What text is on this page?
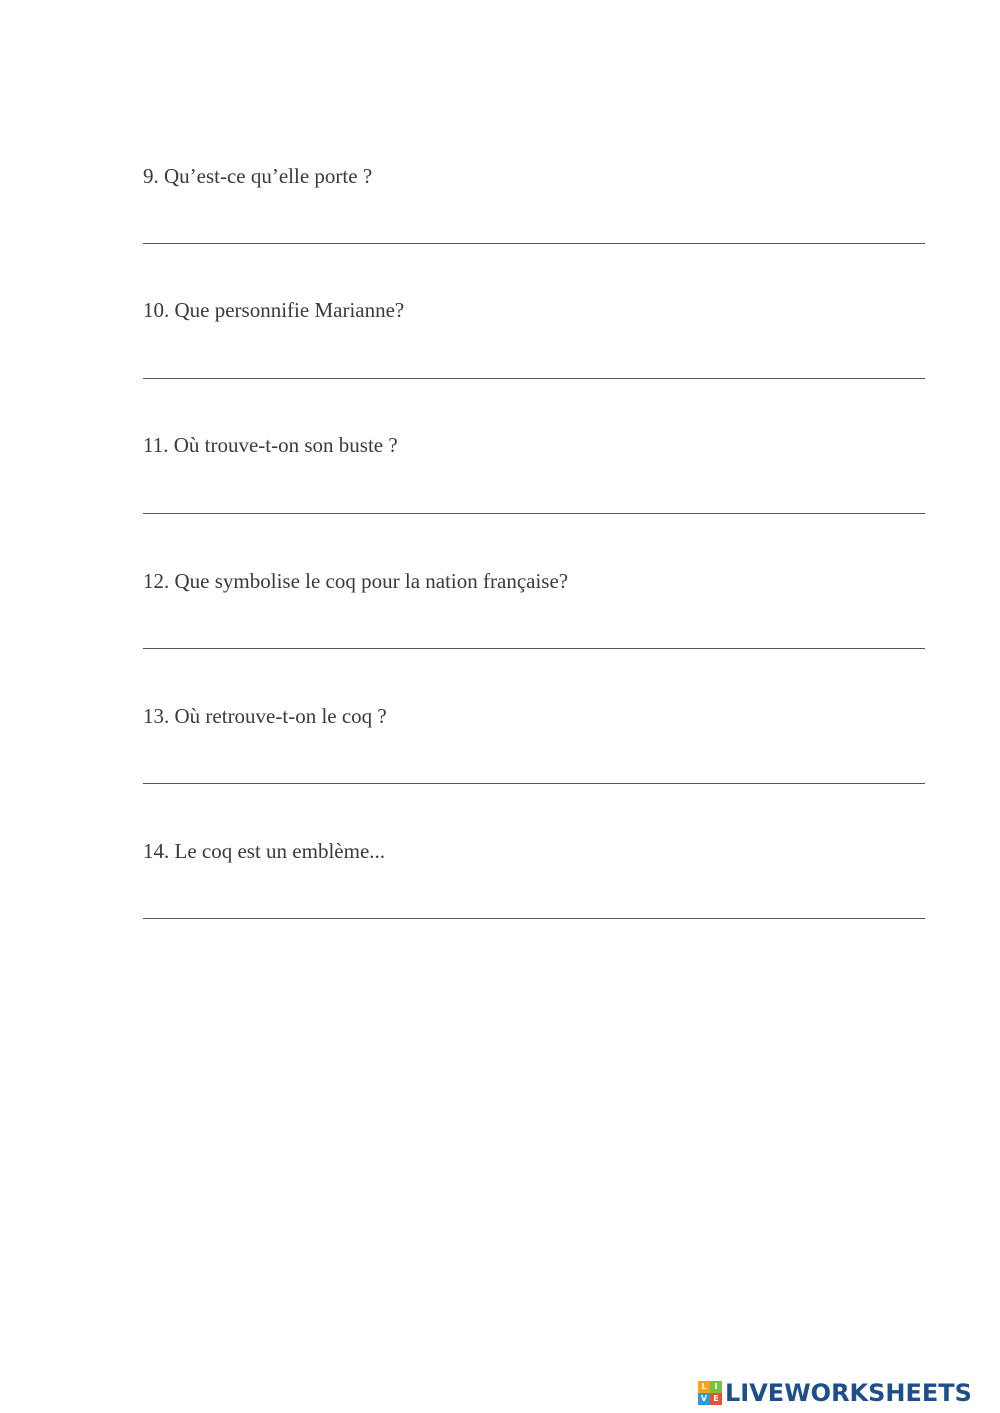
9. Qu’est-ce qu’elle porte ?
10. Que personnifie Marianne?
11. Où trouve-t-on son buste ?
12. Que symbolise le coq pour la nation française?
13. Où retrouve-t-on le coq ?
14. Le coq est un emblème...
L I
V E LIVEWORKSHEETS
